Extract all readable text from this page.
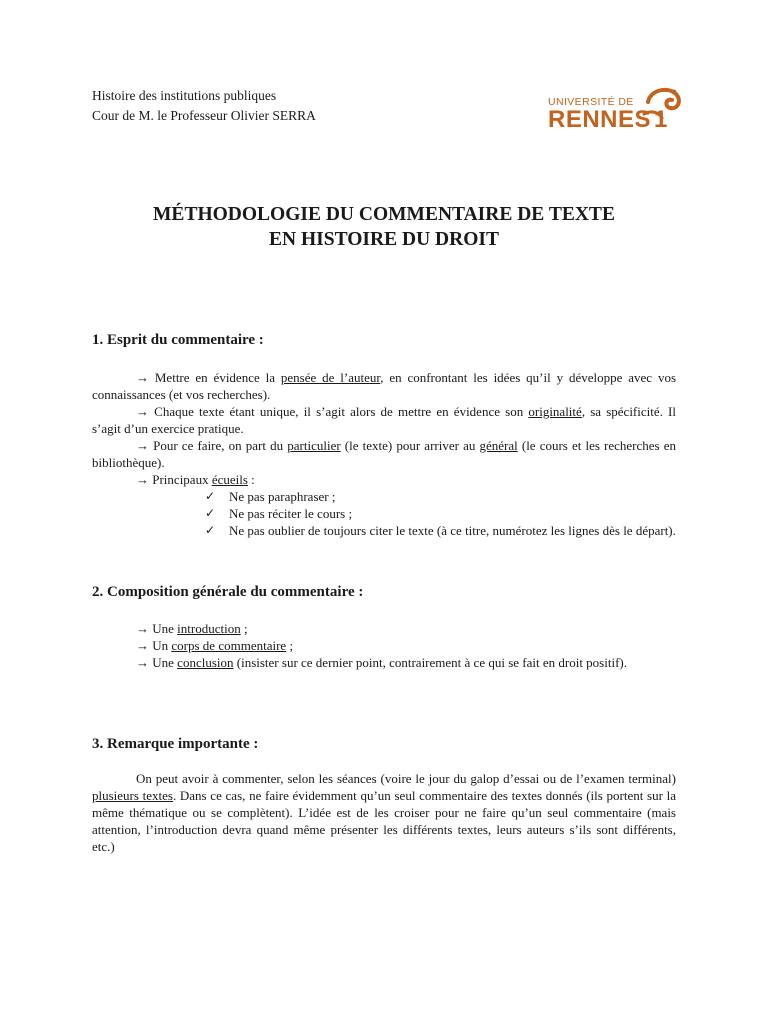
Histoire des institutions publiques
Cour de M. le Professeur Olivier SERRA
UNIVERSITÉ DE
RENNES 1
MÉTHODOLOGIE DU COMMENTAIRE DE TEXTE
EN HISTOIRE DU DROIT
1. Esprit du commentaire :
→ Mettre en évidence la pensée de l’auteur, en confrontant les idées qu’il y développe avec vos connaissances (et vos recherches).
→ Chaque texte étant unique, il s’agit alors de mettre en évidence son originalité, sa spécificité. Il s’agit d’un exercice pratique.
→ Pour ce faire, on part du particulier (le texte) pour arriver au général (le cours et les recherches en bibliothèque).
→ Principaux écueils :
✓ Ne pas paraphraser ;
✓ Ne pas réciter le cours ;
✓ Ne pas oublier de toujours citer le texte (à ce titre, numérotez les lignes dès le départ).
2. Composition générale du commentaire :
→ Une introduction ;
→ Un corps de commentaire ;
→ Une conclusion (insister sur ce dernier point, contrairement à ce qui se fait en droit positif).
3. Remarque importante :
On peut avoir à commenter, selon les séances (voire le jour du galop d’essai ou de l’examen terminal) plusieurs textes. Dans ce cas, ne faire évidemment qu’un seul commentaire des textes donnés (ils portent sur la même thématique ou se complètent). L’idée est de les croiser pour ne faire qu’un seul commentaire (mais attention, l’introduction devra quand même présenter les différents textes, leurs auteurs s’ils sont différents, etc.)
